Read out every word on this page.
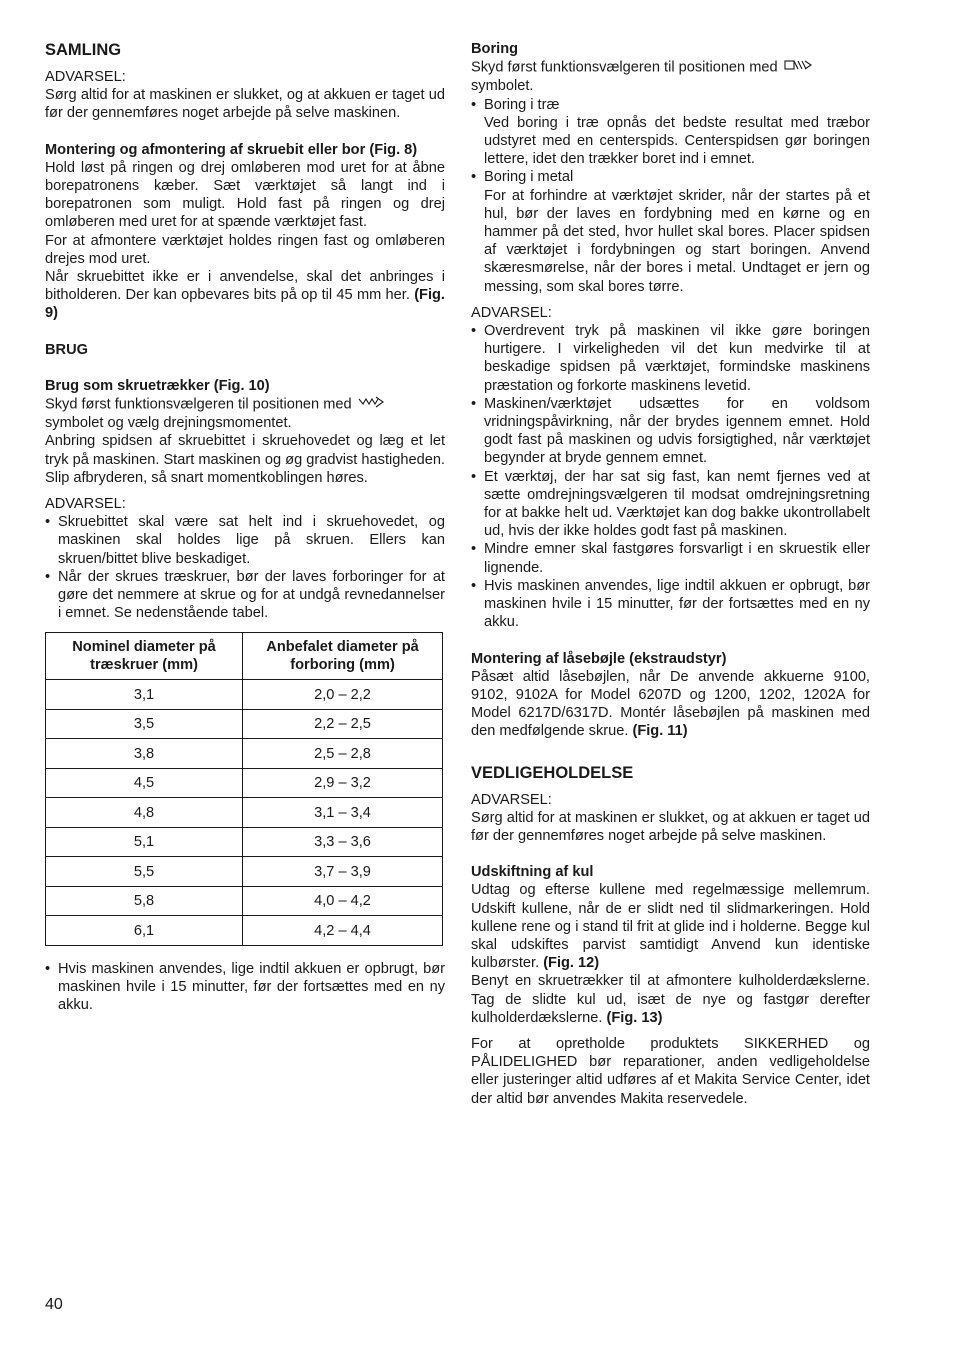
SAMLING

ADVARSEL:

Sørg altid for at maskinen er slukket, og at akkuen er taget ud før der gennemføres noget arbejde på selve maskinen.

Montering og afmontering af skruebit eller bor (Fig. 8)

Hold løst på ringen og drej omløberen mod uret for at åbne borepatronens kæber. Sæt værktøjet så langt ind i borepatronen som muligt. Hold fast på ringen og drej omløberen med uret for at spænde værktøjet fast.

For at afmontere værktøjet holdes ringen fast og omløberen drejes mod uret.

Når skruebittet ikke er i anvendelse, skal det anbringes i bitholderen. Der kan opbevares bits på op til 45 mm her. (Fig. 9)

BRUG
Brug som skruetrækker (Fig. 10)

Skyd først funktionsvælgeren til positionen med
symbolet og vælg drejningsmomentet.

Anbring spidsen af skruebittet i skruehovedet og læg et let tryk på maskinen. Start maskinen og øg gradvist hastigheden. Slip afbryderen, så snart momentkoblingen høres.

ADVARSEL:

• Skruebittet skal være sat helt ind i skruehovedet, og maskinen skal holdes lige på skruen. Ellers kan skruen/bittet blive beskadiget.
• Når der skrues træskruer, bør der laves forboringer for at gøre det nemmere at skrue og for at undgå revnedannelser i emnet. Se nedenstående tabel.
Nominel diameter på træskruer (mm)	Anbefalet diameter på forboring (mm)
3,1	2,0 – 2,2
3,5	2,2 – 2,5
3,8	2,5 – 2,8
4,5	2,9 – 3,2
4,8	3,1 – 3,4
5,1	3,3 – 3,6
5,5	3,7 – 3,9
5,8	4,0 – 4,2
6,1	4,2 – 4,4
• Hvis maskinen anvendes, lige indtil akkuen er opbrugt, bør maskinen hvile i 15 minutter, før der fortsættes med en ny akku.
Boring

Skyd først funktionsvælgeren til positionen med
symbolet.

• Boring i træ
Ved boring i træ opnås det bedste resultat med træbor udstyret med en centerspids. Centerspidsen gør boringen lettere, idet den trækker boret ind i emnet.
• Boring i metal
For at forhindre at værktøjet skrider, når der startes på et hul, bør der laves en fordybning med en kørne og en hammer på det sted, hvor hullet skal bores. Placer spidsen af værktøjet i fordybningen og start boringen. Anvend skæresmørelse, når der bores i metal. Undtaget er jern og messing, som skal bores tørre.

ADVARSEL:

• Overdrevent tryk på maskinen vil ikke gøre boringen hurtigere. I virkeligheden vil det kun medvirke til at beskadige spidsen på værktøjet, formindske maskinens præstation og forkorte maskinens levetid.
• Maskinen/værktøjet udsættes for en voldsom vridningspåvirkning, når der brydes igennem emnet. Hold godt fast på maskinen og udvis forsigtighed, når værktøjet begynder at bryde gennem emnet.
• Et værktøj, der har sat sig fast, kan nemt fjernes ved at sætte omdrejningsvælgeren til modsat omdrejningsretning for at bakke helt ud. Værktøjet kan dog bakke ukontrollabelt ud, hvis der ikke holdes godt fast på maskinen.
• Mindre emner skal fastgøres forsvarligt i en skruestik eller lignende.
• Hvis maskinen anvendes, lige indtil akkuen er opbrugt, bør maskinen hvile i 15 minutter, før der fortsættes med en ny akku.
Montering af låsebøjle (ekstraudstyr)

Påsæt altid låsebøjlen, når De anvende akkuerne 9100, 9102, 9102A for Model 6207D og 1200, 1202, 1202A for Model 6217D/6317D. Montér låsebøjlen på maskinen med den medfølgende skrue. (Fig. 11)

VEDLIGEHOLDELSE

ADVARSEL:

Sørg altid for at maskinen er slukket, og at akkuen er taget ud før der gennemføres noget arbejde på selve maskinen.

Udskiftning af kul

Udtag og efterse kullene med regelmæssige mellemrum. Udskift kullene, når de er slidt ned til slidmarkeringen. Hold kullene rene og i stand til frit at glide ind i holderne. Begge kul skal udskiftes parvist samtidigt Anvend kun identiske kulbørster. (Fig. 12)

Benyt en skruetrækker til at afmontere kulholderdækslerne. Tag de slidte kul ud, isæt de nye og fastgør derefter kulholderdækslerne. (Fig. 13)

For at opretholde produktets SIKKERHED og PÅLIDELIGHED bør reparationer, anden vedligeholdelse eller justeringer altid udføres af et Makita Service Center, idet der altid bør anvendes Makita reservedele.

40
